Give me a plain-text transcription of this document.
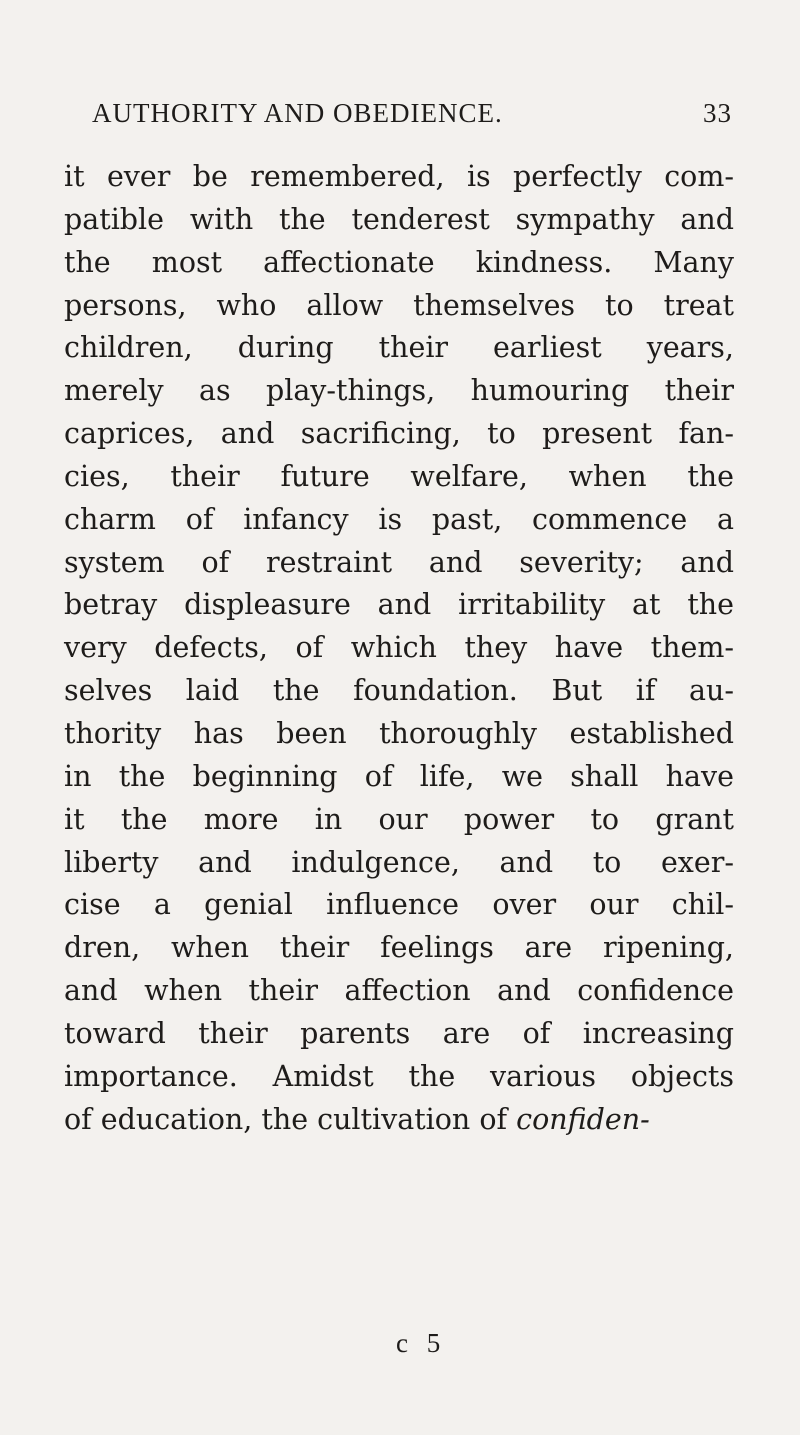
AUTHORITY AND OBEDIENCE.	33
it ever be remembered, is perfectly com-
patible with the tenderest sympathy and
the most affectionate kindness. Many
persons, who allow themselves to treat
children, during their earliest years,
merely as play-things, humouring their
caprices, and sacrificing, to present fan-
cies, their future welfare, when the
charm of infancy is past, commence a
system of restraint and severity; and
betray displeasure and irritability at the
very defects, of which they have them-
selves laid the foundation. But if au-
thority has been thoroughly established
in the beginning of life, we shall have
it the more in our power to grant
liberty and indulgence, and to exer-
cise a genial influence over our chil-
dren, when their feelings are ripening,
and when their affection and confidence
toward their parents are of increasing
importance. Amidst the various objects
of education, the cultivation of confiden-
c 5
